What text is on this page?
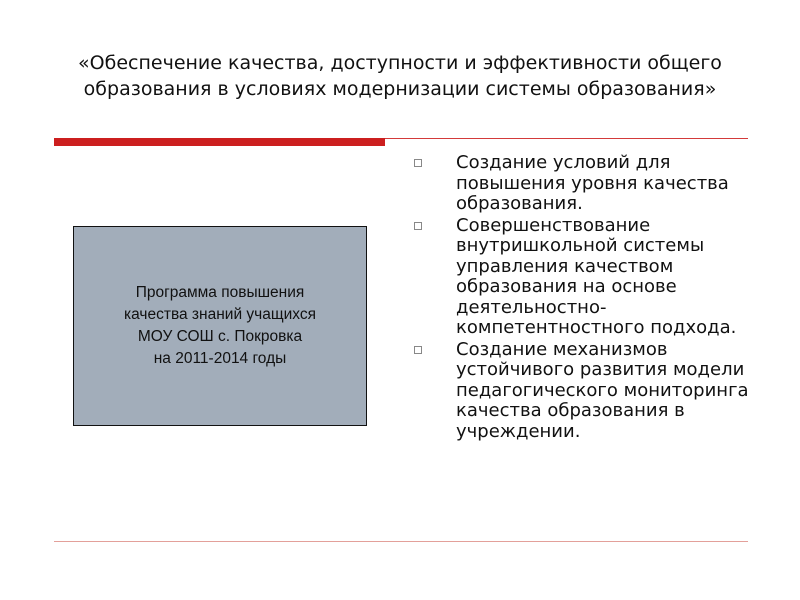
«Обеспечение качества, доступности и эффективности общего образования в условиях модернизации системы образования»
Программа повышения
качества знаний учащихся
МОУ СОШ с. Покровка
на 2011-2014 годы
Создание условий для повышения уровня качества образования.
Совершенствование внутришкольной системы управления качеством образования на основе деятельностно-компетентностного подхода.
Создание механизмов устойчивого развития модели педагогического мониторинга качества образования в учреждении.
